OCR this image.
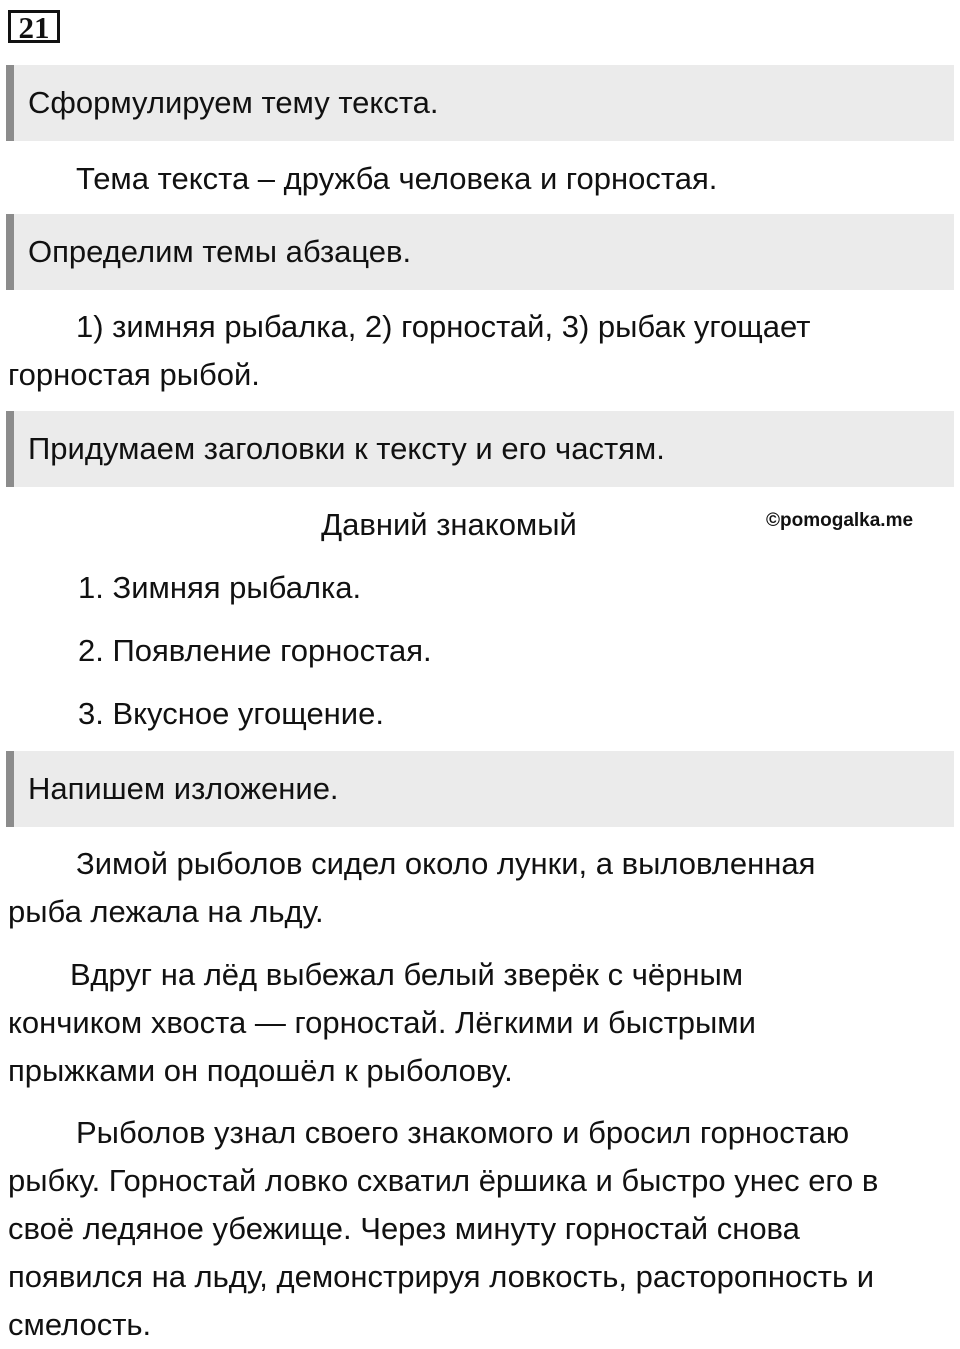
21
Сформулируем тему текста.

Тема текста – дружба человека и горностая.

Определим темы абзацев.

1) зимняя рыбалка, 2) горностай, 3) рыбак угощает горностая рыбой.

Придумаем заголовки к тексту и его частям.
Давний знакомый	©pomogalka.me
1. Зимняя рыбалка.
2. Появление горностая.
3. Вкусное угощение.
Напишем изложение.

Зимой рыболов сидел около лунки, а выловленная рыба лежала на льду.

Вдруг на лёд выбежал белый зверёк с чёрным кончиком хвоста — горностай. Лёгкими и быстрыми прыжками он подошёл к рыболову.

Рыболов узнал своего знакомого и бросил горностаю рыбку. Горностай ловко схватил ёршика и быстро унес его в своё ледяное убежище. Через минуту горностай снова появился на льду, демонстрируя ловкость, расторопность и смелость.
